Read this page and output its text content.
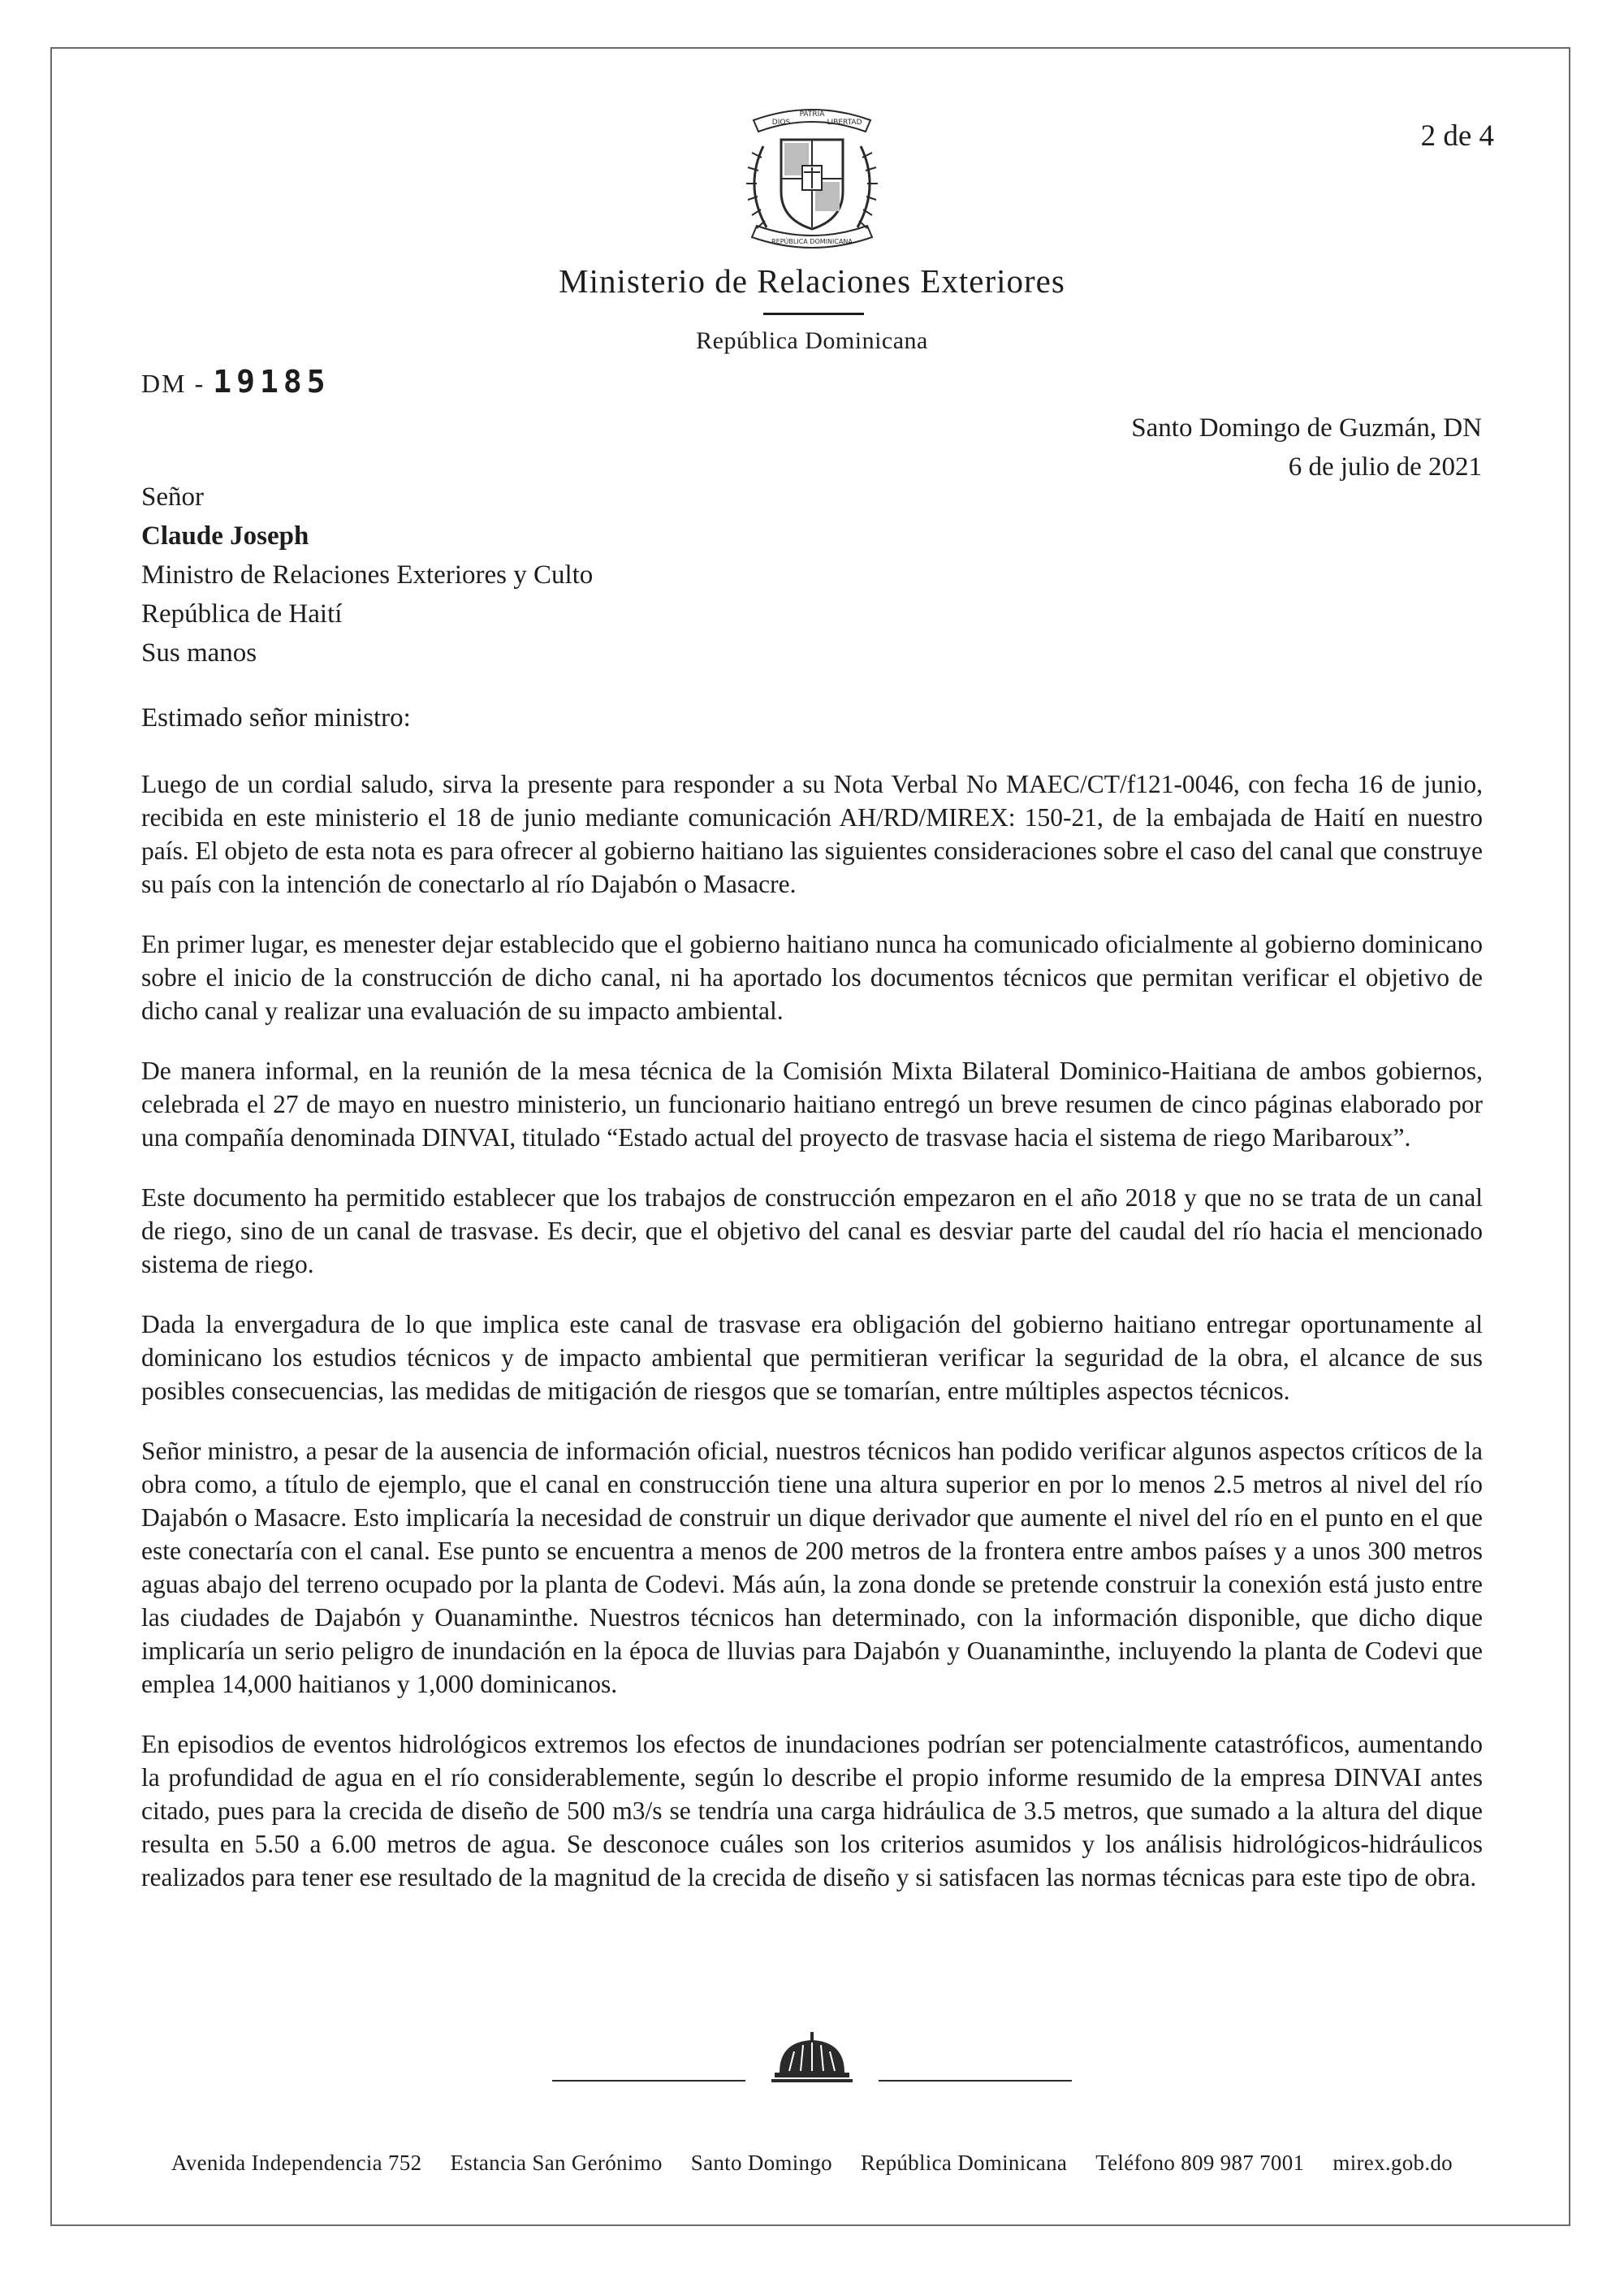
2 de 4
DIOS
PATRIA
LIBERTAD
REPÚBLICA DOMINICANA
Ministerio de Relaciones Exteriores
República Dominicana
DM - 19185
Santo Domingo de Guzmán, DN
6 de julio de 2021
Señor
Claude Joseph
Ministro de Relaciones Exteriores y Culto
República de Haití
Sus manos
Estimado señor ministro:

Luego de un cordial saludo, sirva la presente para responder a su Nota Verbal No MAEC/CT/f121-0046, con fecha 16 de junio, recibida en este ministerio el 18 de junio mediante comunicación AH/RD/MIREX: 150-21, de la embajada de Haití en nuestro país. El objeto de esta nota es para ofrecer al gobierno haitiano las siguientes consideraciones sobre el caso del canal que construye su país con la intención de conectarlo al río Dajabón o Masacre.

En primer lugar, es menester dejar establecido que el gobierno haitiano nunca ha comunicado oficialmente al gobierno dominicano sobre el inicio de la construcción de dicho canal, ni ha aportado los documentos técnicos que permitan verificar el objetivo de dicho canal y realizar una evaluación de su impacto ambiental.

De manera informal, en la reunión de la mesa técnica de la Comisión Mixta Bilateral Dominico-Haitiana de ambos gobiernos, celebrada el 27 de mayo en nuestro ministerio, un funcionario haitiano entregó un breve resumen de cinco páginas elaborado por una compañía denominada DINVAI, titulado “Estado actual del proyecto de trasvase hacia el sistema de riego Maribaroux”.

Este documento ha permitido establecer que los trabajos de construcción empezaron en el año 2018 y que no se trata de un canal de riego, sino de un canal de trasvase. Es decir, que el objetivo del canal es desviar parte del caudal del río hacia el mencionado sistema de riego.

Dada la envergadura de lo que implica este canal de trasvase era obligación del gobierno haitiano entregar oportunamente al dominicano los estudios técnicos y de impacto ambiental que permitieran verificar la seguridad de la obra, el alcance de sus posibles consecuencias, las medidas de mitigación de riesgos que se tomarían, entre múltiples aspectos técnicos.

Señor ministro, a pesar de la ausencia de información oficial, nuestros técnicos han podido verificar algunos aspectos críticos de la obra como, a título de ejemplo, que el canal en construcción tiene una altura superior en por lo menos 2.5 metros al nivel del río Dajabón o Masacre. Esto implicaría la necesidad de construir un dique derivador que aumente el nivel del río en el punto en el que este conectaría con el canal. Ese punto se encuentra a menos de 200 metros de la frontera entre ambos países y a unos 300 metros aguas abajo del terreno ocupado por la planta de Codevi. Más aún, la zona donde se pretende construir la conexión está justo entre las ciudades de Dajabón y Ouanaminthe. Nuestros técnicos han determinado, con la información disponible, que dicho dique implicaría un serio peligro de inundación en la época de lluvias para Dajabón y Ouanaminthe, incluyendo la planta de Codevi que emplea 14,000 haitianos y 1,000 dominicanos.

En episodios de eventos hidrológicos extremos los efectos de inundaciones podrían ser potencialmente catastróficos, aumentando la profundidad de agua en el río considerablemente, según lo describe el propio informe resumido de la empresa DINVAI antes citado, pues para la crecida de diseño de 500 m3/s se tendría una carga hidráulica de 3.5 metros, que sumado a la altura del dique resulta en 5.50 a 6.00 metros de agua. Se desconoce cuáles son los criterios asumidos y los análisis hidrológicos-hidráulicos realizados para tener ese resultado de la magnitud de la crecida de diseño y si satisfacen las normas técnicas para este tipo de obra.

Avenida Independencia 752 Estancia San Gerónimo Santo Domingo República Dominicana Teléfono 809 987 7001 mirex.gob.do
